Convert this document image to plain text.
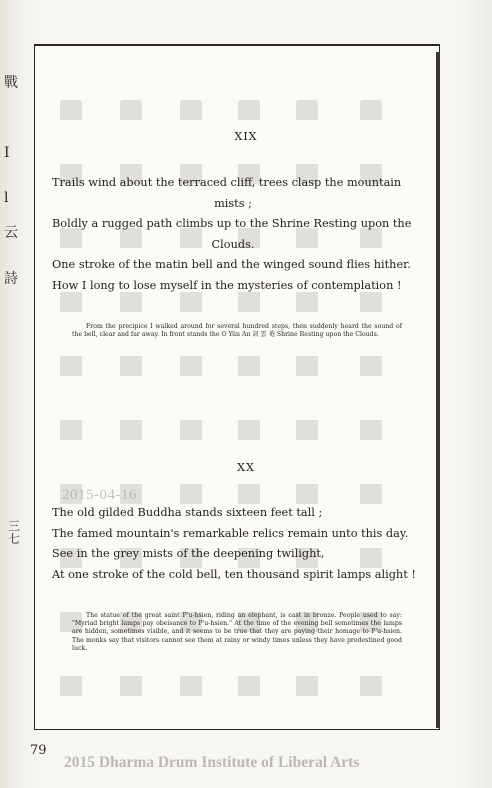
戰
I
l
云
詩
三
七
XIX
Trails wind about the terraced cliff, trees clasp the mountain
mists ;
Boldly a rugged path climbs up to the Shrine Resting upon the
Clouds.
One stroke of the matin bell and the winged sound flies hither.
How I long to lose myself in the mysteries of contemplation !
From the precipice I walked around for several hundred steps, then suddenly heard the sound of the bell, clear and far away. In front stands the O Yün An 訊 雲 菴 Shrine Resting upon the Clouds.
XX
The old gilded Buddha stands sixteen feet tall ;
The famed mountain's remarkable relics remain unto this day.
See in the grey mists of the deepening twilight,
At one stroke of the cold bell, ten thousand spirit lamps alight !
The statue of the great saint P'u-hsien, riding an elephant, is cast in bronze. People used to say: "Myriad bright lamps pay obeisance to P'u-hsien." At the time of the evening bell sometimes the lamps are hidden, sometimes visible, and it seems to be true that they are paying their homage to P'u-hsien. The monks say that visitors cannot see them at rainy or windy times unless they have predestined good luck.
2015-04-16
79
2015 Dharma Drum Institute of Liberal Arts
